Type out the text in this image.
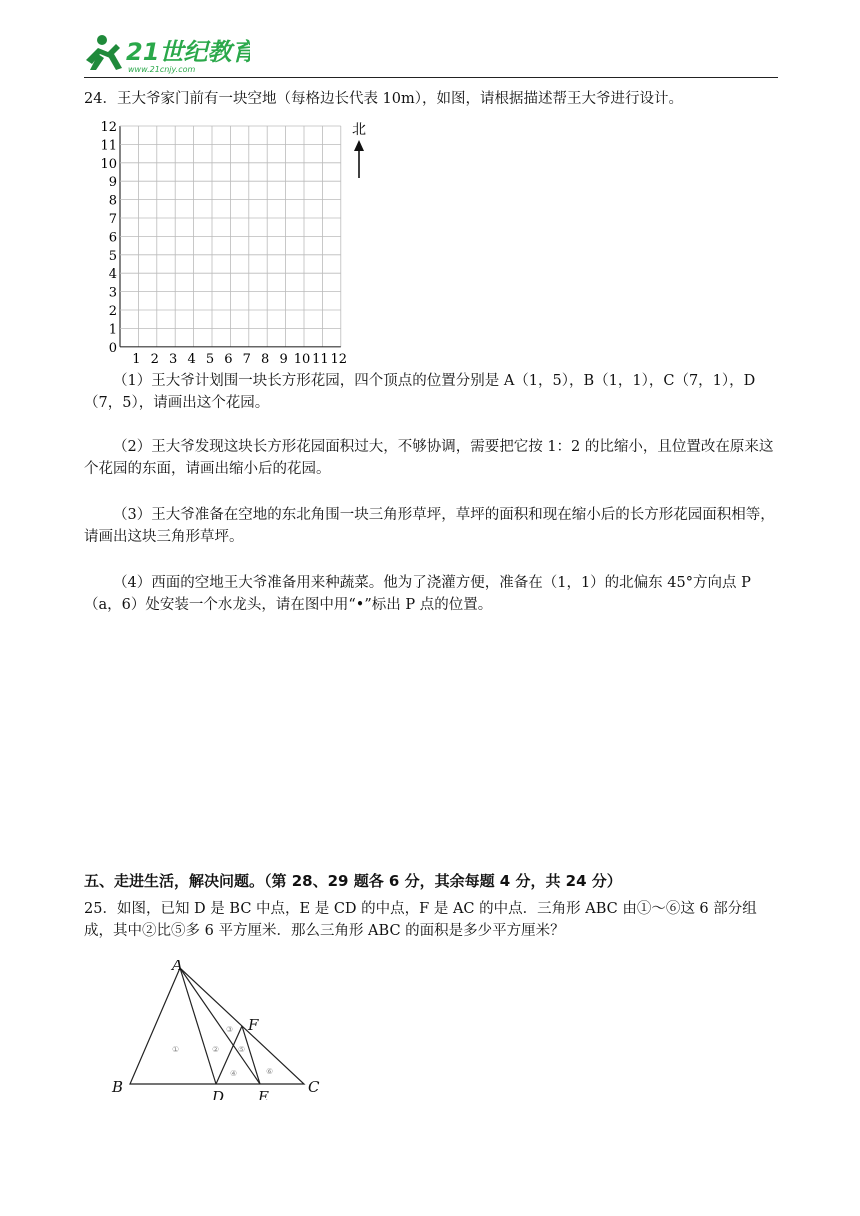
21世纪教育
www.21cnjy.com

24．王大爷家门前有一块空地（每格边长代表 10m），如图，请根据描述帮王大爷进行设计。

12
11
10
9
8
7
6
5
4
3
2
1
0
1 2 3 4 5 6 7 8 9 10 11 12
北

（1）王大爷计划围一块长方形花园，四个顶点的位置分别是 A（1，5），B（1，1），C（7，1），D（7，5），请画出这个花园。

（2）王大爷发现这块长方形花园面积过大，不够协调，需要把它按 1：2 的比缩小，且位置改在原来这个花园的东面，请画出缩小后的花园。

（3）王大爷准备在空地的东北角围一块三角形草坪，草坪的面积和现在缩小后的长方形花园面积相等，请画出这块三角形草坪。

（4）西面的空地王大爷准备用来种蔬菜。他为了浇灌方便，准备在（1，1）的北偏东 45°方向点 P（a，6）处安装一个水龙头，请在图中用“•”标出 P 点的位置。

五、走进生活，解决问题。（第 28、29 题各 6 分，其余每题 4 分，共 24 分）

25．如图，已知 D 是 BC 中点，E 是 CD 的中点，F 是 AC 的中点．三角形 ABC 由①～⑥这 6 部分组成，其中②比⑤多 6 平方厘米．那么三角形 ABC 的面积是多少平方厘米？

A
B	C
D E
F
①	②
③
④
⑤
⑥
